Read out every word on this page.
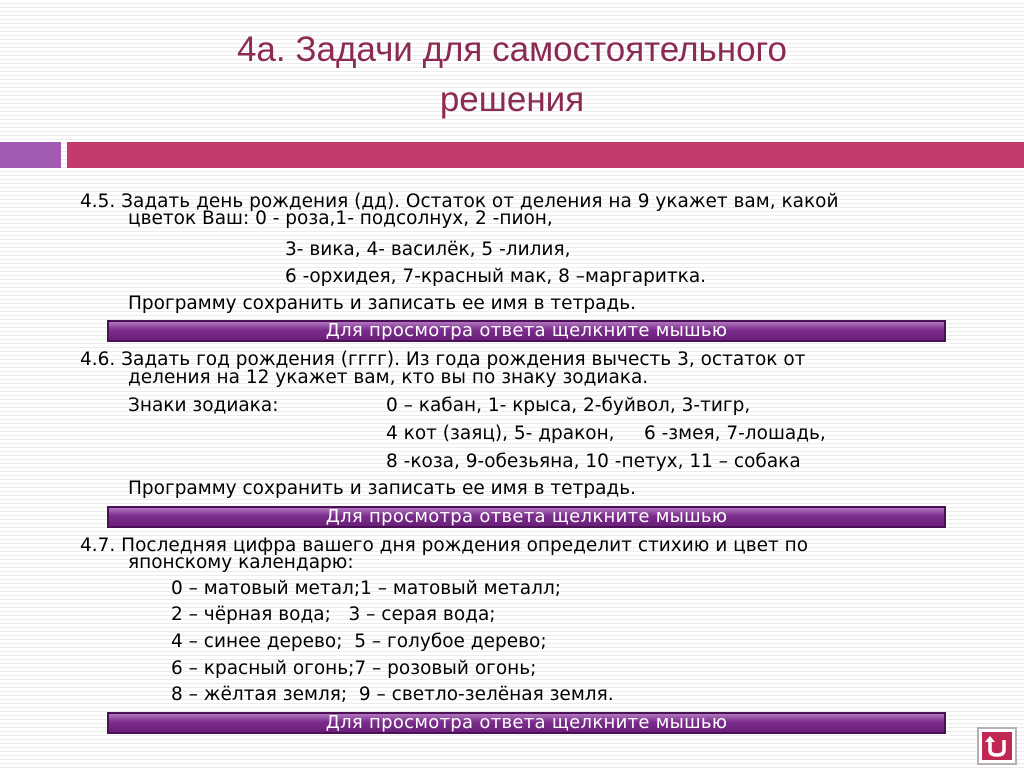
4а. Задачи для самостоятельного
решения
4.5. Задать день рождения (дд). Остаток от деления на 9 укажет вам, какой
цветок Ваш: 0 - роза,1- подсолнух, 2 -пион,
3- вика, 4- василёк, 5 -лилия,
6 -орхидея, 7-красный мак, 8 –маргаритка.
Программу сохранить и записать ее имя в тетрадь.
Для просмотра ответа щелкните мышью
4.6. Задать год рождения (гггг). Из года рождения вычесть 3, остаток от
деления на 12 укажет вам, кто вы по знаку зодиака.
Знаки зодиака:	0 – кабан, 1- крыса, 2-буйвол, 3-тигр,
4 кот (заяц), 5- дракон,     6 -змея, 7-лошадь,
8 -коза, 9-обезьяна, 10 -петух, 11 – собака
Программу сохранить и записать ее имя в тетрадь.
Для просмотра ответа щелкните мышью
4.7. Последняя цифра вашего дня рождения определит стихию и цвет по
японскому календарю:
0 – матовый метал;1 – матовый металл;
2 – чёрная вода;   3 – серая вода;
4 – синее дерево;  5 – голубое дерево;
6 – красный огонь;7 – розовый огонь;
8 – жёлтая земля;  9 – светло-зелёная земля.
Для просмотра ответа щелкните мышью
